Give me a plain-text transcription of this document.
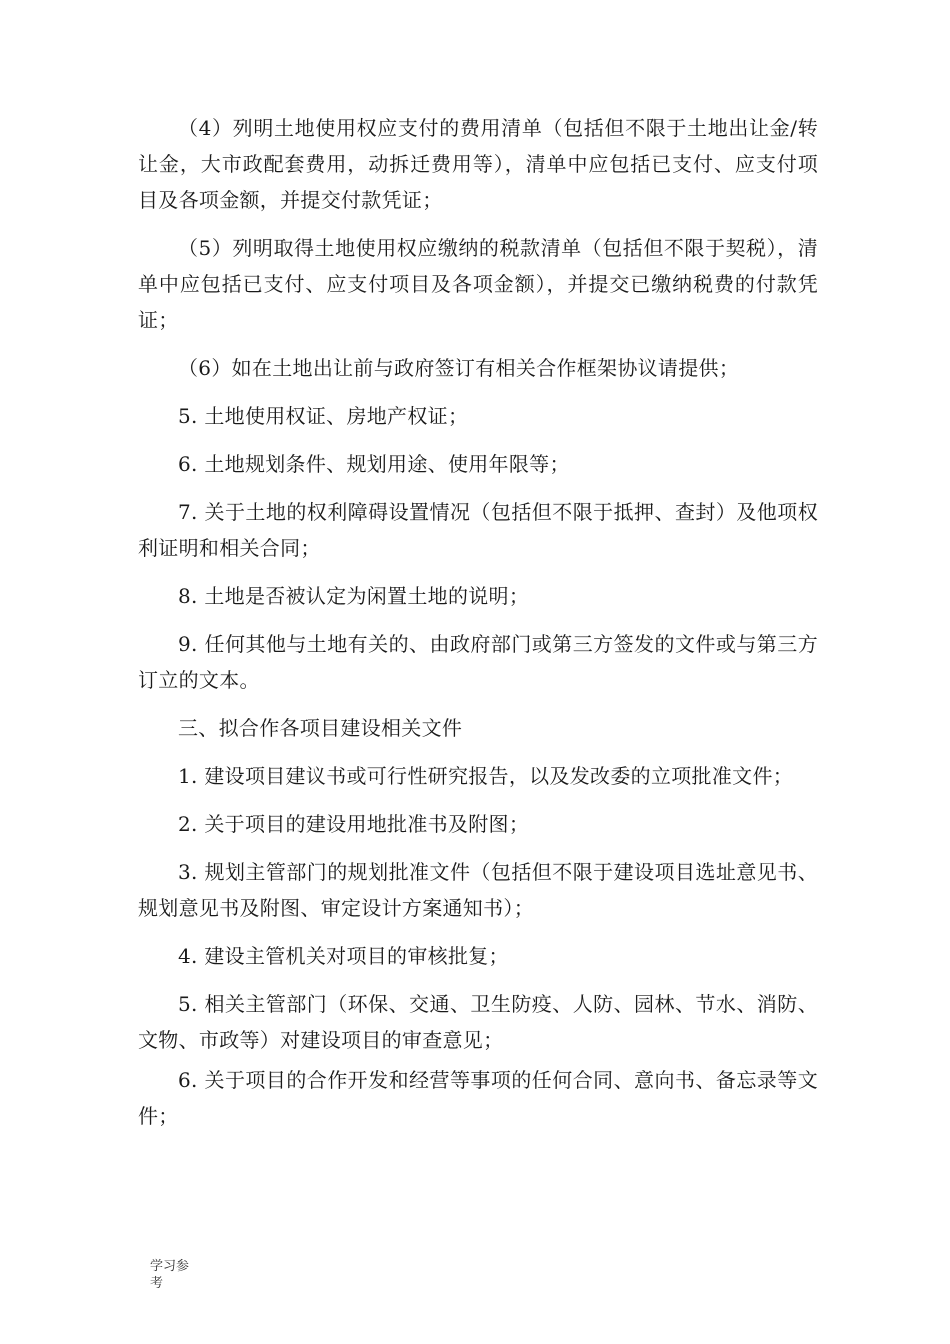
（4）列明土地使用权应支付的费用清单（包括但不限于土地出让金/转让金，大市政配套费用，动拆迁费用等），清单中应包括已支付、应支付项目及各项金额，并提交付款凭证；

（5）列明取得土地使用权应缴纳的税款清单（包括但不限于契税），清单中应包括已支付、应支付项目及各项金额），并提交已缴纳税费的付款凭证；

（6）如在土地出让前与政府签订有相关合作框架协议请提供；

5. 土地使用权证、房地产权证；

6. 土地规划条件、规划用途、使用年限等；

7. 关于土地的权利障碍设置情况（包括但不限于抵押、查封）及他项权利证明和相关合同；

8. 土地是否被认定为闲置土地的说明；

9. 任何其他与土地有关的、由政府部门或第三方签发的文件或与第三方订立的文本。

三、拟合作各项目建设相关文件

1. 建设项目建议书或可行性研究报告，以及发改委的立项批准文件；

2. 关于项目的建设用地批准书及附图；

3. 规划主管部门的规划批准文件（包括但不限于建设项目选址意见书、规划意见书及附图、审定设计方案通知书）；

4. 建设主管机关对项目的审核批复；

5. 相关主管部门（环保、交通、卫生防疫、人防、园林、节水、消防、文物、市政等）对建设项目的审查意见；

6. 关于项目的合作开发和经营等事项的任何合同、意向书、备忘录等文件；

学习参考
